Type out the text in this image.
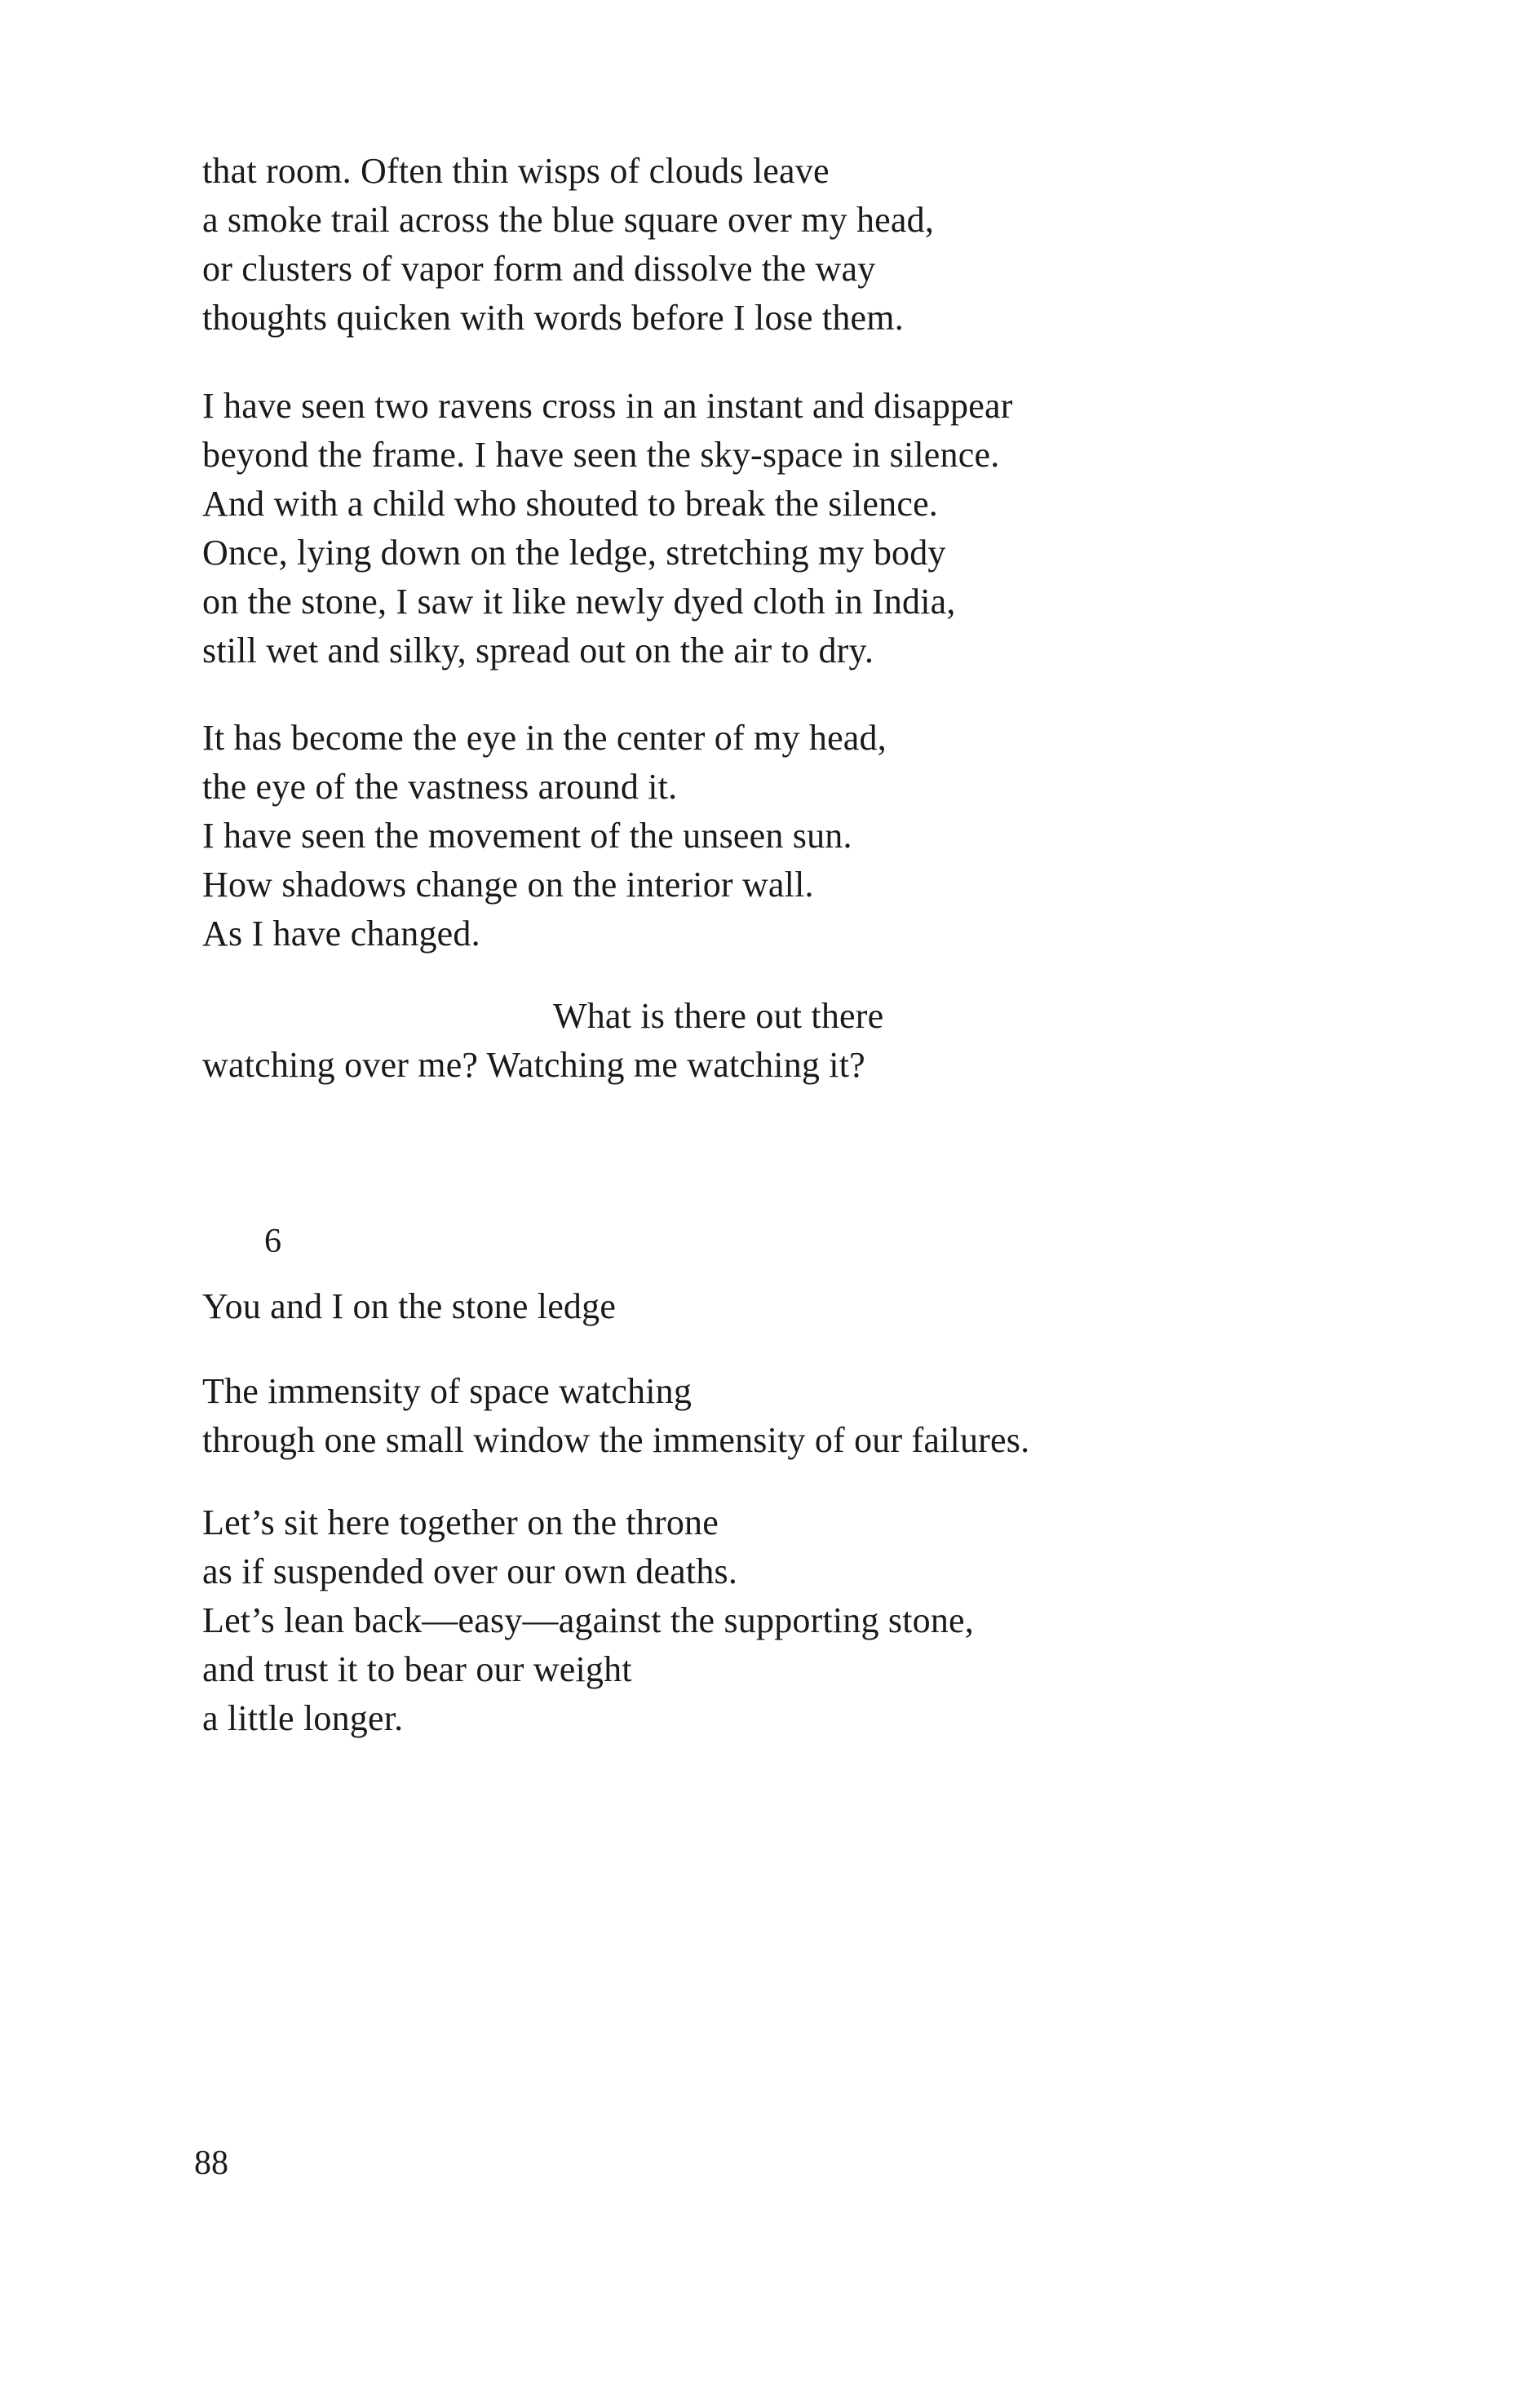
that room. Often thin wisps of clouds leave
a smoke trail across the blue square over my head,
or clusters of vapor form and dissolve the way
thoughts quicken with words before I lose them.
I have seen two ravens cross in an instant and disappear
beyond the frame. I have seen the sky-space in silence.
And with a child who shouted to break the silence.
Once, lying down on the ledge, stretching my body
on the stone, I saw it like newly dyed cloth in India,
still wet and silky, spread out on the air to dry.
It has become the eye in the center of my head,
the eye of the vastness around it.
I have seen the movement of the unseen sun.
How shadows change on the interior wall.
As I have changed.
What is there out there
watching over me? Watching me watching it?
6
You and I on the stone ledge
The immensity of space watching
through one small window the immensity of our failures.
Let’s sit here together on the throne
as if suspended over our own deaths.
Let’s lean back—easy—against the supporting stone,
and trust it to bear our weight
a little longer.
88
